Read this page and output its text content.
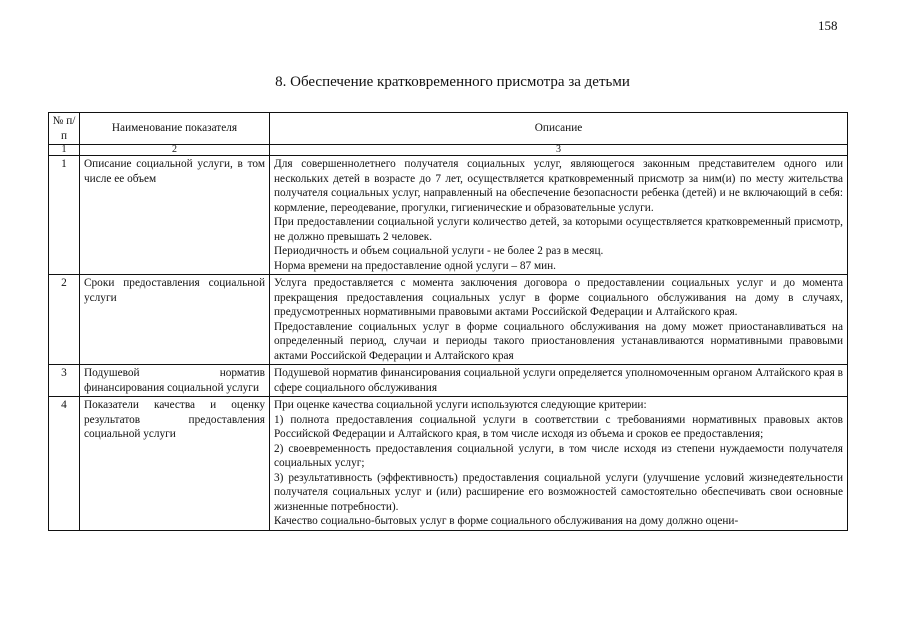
158
8. Обеспечение кратковременного присмотра за детьми
№ п/п	Наименование показателя	Описание
1	2	3
1	Описание социальной услуги, в том числе ее объем	Для совершеннолетнего получателя социальных услуг, являющегося законным представителем одного или нескольких детей в возрасте до 7 лет, осуществляется кратковременный присмотр за ним(и) по месту жительства получателя социальных услуг, направленный на обеспечение безопасности ребенка (детей) и не включающий в себя: кормление, переодевание, прогулки, гигиенические и образовательные услуги.

При предоставлении социальной услуги количество детей, за которыми осуществляется кратковременный присмотр, не должно превышать 2 человек.

Периодичность и объем социальной услуги - не более 2 раз в месяц.

Норма времени на предоставление одной услуги – 87 мин.

2	Сроки предоставления социальной услуги	Услуга предоставляется с момента заключения договора о предоставлении социальных услуг и до момента прекращения предоставления социальных услуг в форме социального обслуживания на дому в случаях, предусмотренных нормативными правовыми актами Российской Федерации и Алтайского края.

Предоставление социальных услуг в форме социального обслуживания на дому может приостанавливаться на определенный период, случаи и периоды такого приостановления устанавливаются нормативными правовыми актами Российской Федерации и Алтайского края

3	Подушевой норматив финансирования социальной услуги	Подушевой норматив финансирования социальной услуги определяется уполномоченным органом Алтайского края в сфере социального обслуживания

4	Показатели качества и оценку результатов предоставления социальной услуги	При оценке качества социальной услуги используются следующие критерии:

1) полнота предоставления социальной услуги в соответствии с требованиями нормативных правовых актов Российской Федерации и Алтайского края, в том числе исходя из объема и сроков ее предоставления;

2) своевременность предоставления социальной услуги, в том числе исходя из степени нуждаемости получателя социальных услуг;

3) результативность (эффективность) предоставления социальной услуги (улучшение условий жизнедеятельности получателя социальных услуг и (или) расширение его возможностей самостоятельно обеспечивать свои основные жизненные потребности).

Качество социально-бытовых услуг в форме социального обслуживания на дому должно оцени-
